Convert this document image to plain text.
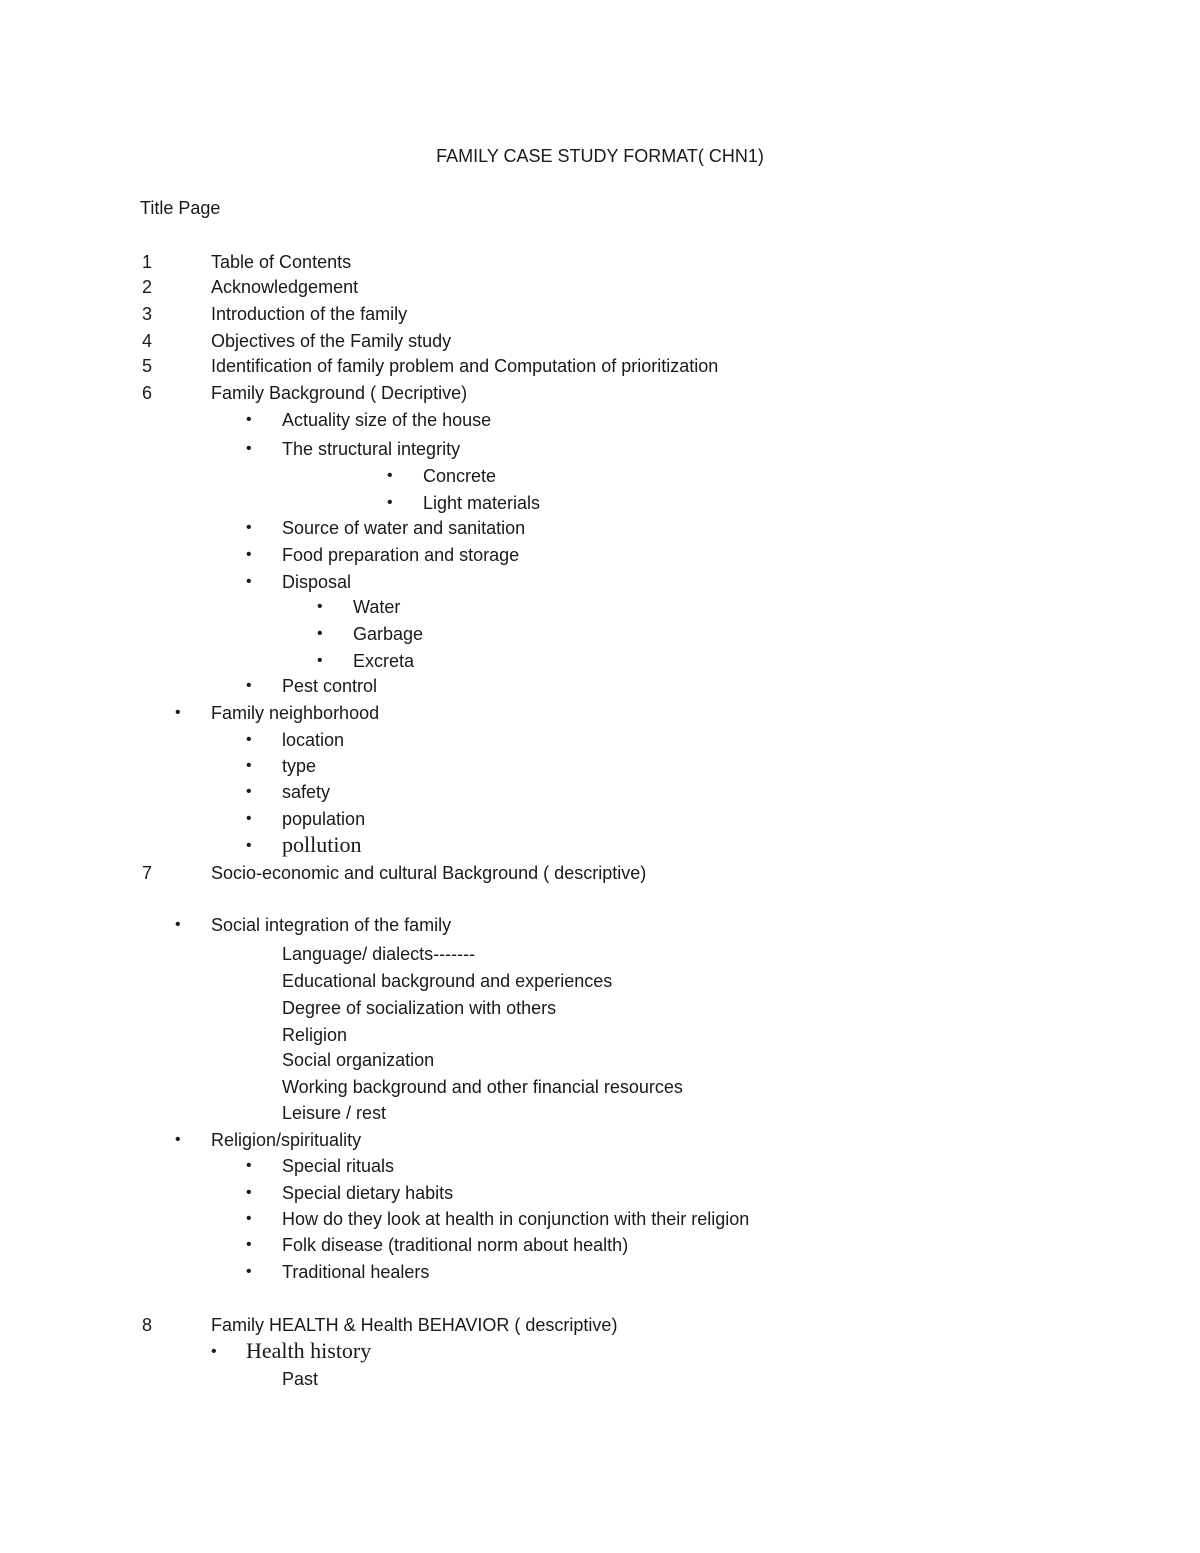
FAMILY CASE STUDY FORMAT( CHN1)
Title Page
1	Table of Contents
2	Acknowledgement
3	Introduction of the family
4	Objectives of the Family study
5	Identification of family problem and Computation of prioritization
6	Family Background ( Decriptive)
• Actuality size of the house
• The structural integrity
• Concrete
• Light materials
• Source of water and sanitation
• Food preparation and storage
• Disposal
• Water
• Garbage
• Excreta
• Pest control
• Family neighborhood
• location
• type
• safety
• population
• pollution
7	Socio-economic and cultural Background ( descriptive)
• Social integration of the family
Language/ dialects-------
Educational background and experiences
Degree of socialization with others
Religion
Social organization
Working background and other financial resources
Leisure / rest
• Religion/spirituality
• Special rituals
• Special dietary habits
• How do they look at health in conjunction with their religion
• Folk disease (traditional norm about health)
• Traditional healers
8	Family HEALTH & Health BEHAVIOR ( descriptive)
• Health history
Past
